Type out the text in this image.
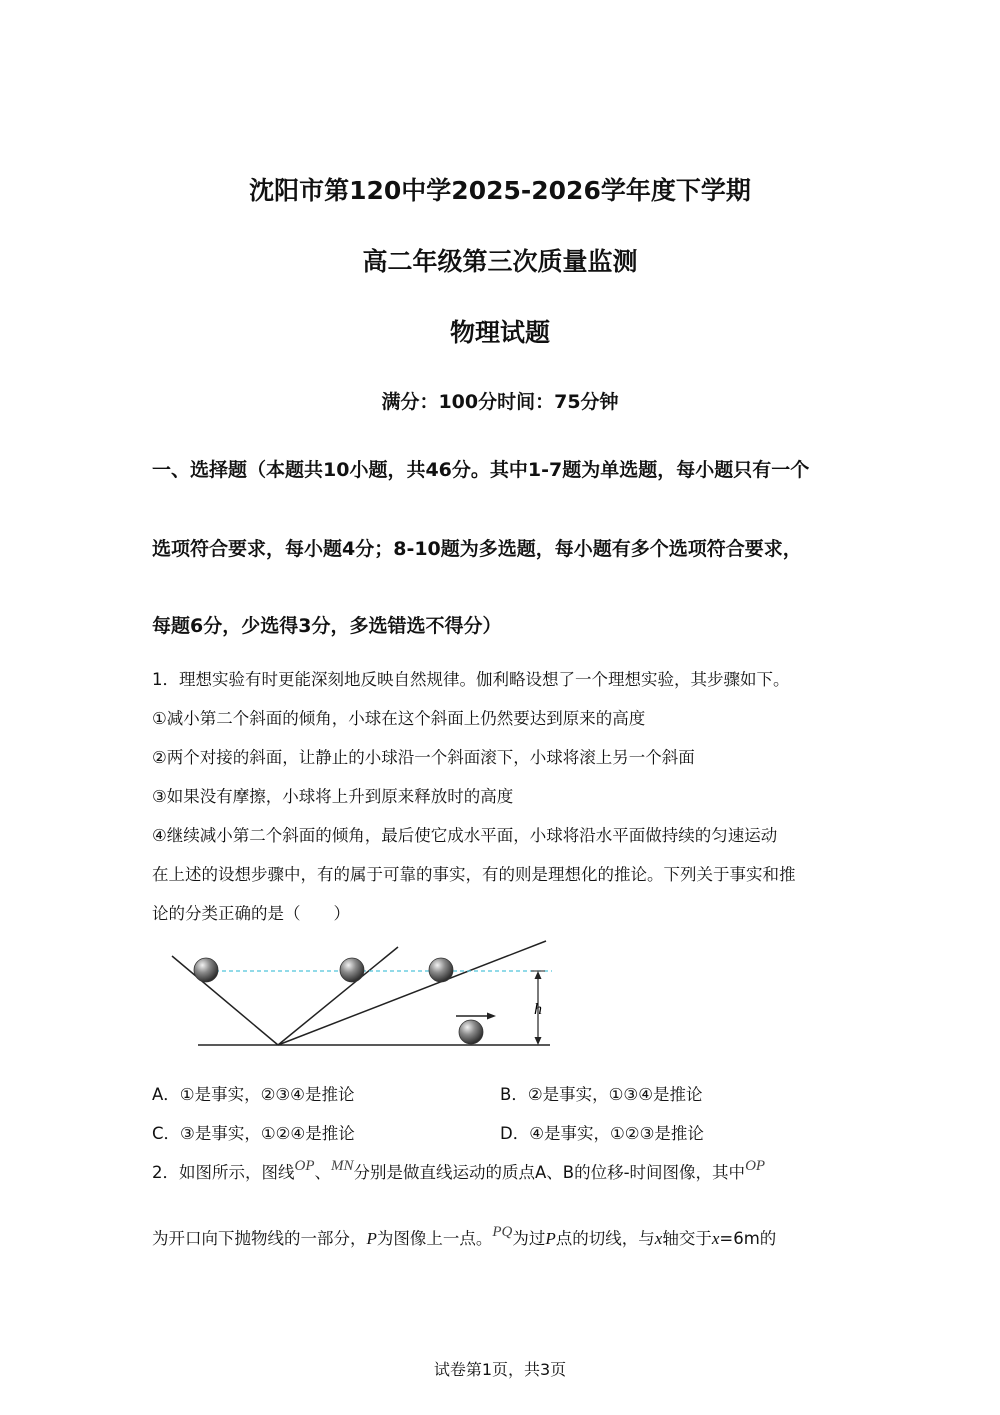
沈阳市第120中学2025-2026学年度下学期
高二年级第三次质量监测
物理试题
满分：100分时间：75分钟
一、选择题（本题共10小题，共46分。其中1-7题为单选题，每小题只有一个
选项符合要求，每小题4分；8-10题为多选题，每小题有多个选项符合要求，
每题6分，少选得3分，多选错选不得分）
1．理想实验有时更能深刻地反映自然规律。伽利略设想了一个理想实验，其步骤如下。
①减小第二个斜面的倾角，小球在这个斜面上仍然要达到原来的高度
②两个对接的斜面，让静止的小球沿一个斜面滚下，小球将滚上另一个斜面
③如果没有摩擦，小球将上升到原来释放时的高度
④继续减小第二个斜面的倾角，最后使它成水平面，小球将沿水平面做持续的匀速运动
在上述的设想步骤中，有的属于可靠的事实，有的则是理想化的推论。下列关于事实和推
论的分类正确的是（　　）
h
A．①是事实，②③④是推论	B．②是事实，①③④是推论
C．③是事实，①②④是推论	D．④是事实，①②③是推论
2．如图所示，图线OP、MN分别是做直线运动的质点A、B的位移-时间图像，其中OP
为开口向下抛物线的一部分，P为图像上一点。PQ为过P点的切线，与x轴交于x=6m的
试卷第1页，共3页
